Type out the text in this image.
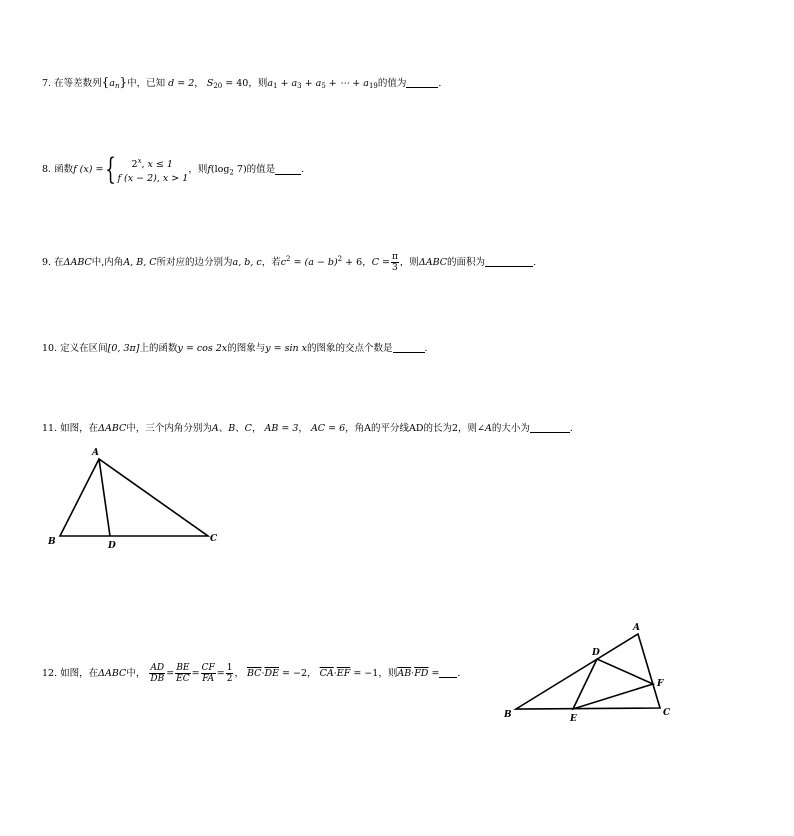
7. 在等差数列$\{a_n\}$中，已知 d = 2， $S_{20} = 40$，则$a_1 + a_3 + a_5$ + ⋯ + $a_{19}$的值为	.
8. 函数f (x) ={	2$^x$, x ≤ 1
f (x − 2), x > 1
，则$f(\log_2$ 7)的值是	.
9. 在ΔABC中,内角A, B, C所对应的边分别为a, b, c，若$c^2 = (a - b)^2 + 6$，$C = \frac{\pi}{3}$ ，则ΔABC的面积为	.
10. 定义在区间[0, 3π]上的函数y = cos 2x的图象与y = sin x的图象的交点个数是	.
11. 如图，在ΔABC中，三个内角分别为A、B、C， AB = 3， AC = 6，角A的平分线AD的长为2，则∠A的大小为	.
A
B	D
C
12. 如图，在ΔABC中， $\frac{AD}{DB} = \frac{BE}{EC} = \frac{CF}{FA} = \frac{1}{2}$ ， $\overline{BC}\cdot\overline{DE} = -2$， $\overline{CA}\cdot\overline{EF} = -1$，则$\overline{AB}\cdot\overline{FD}$ = .
A
D
F
B	E
C
